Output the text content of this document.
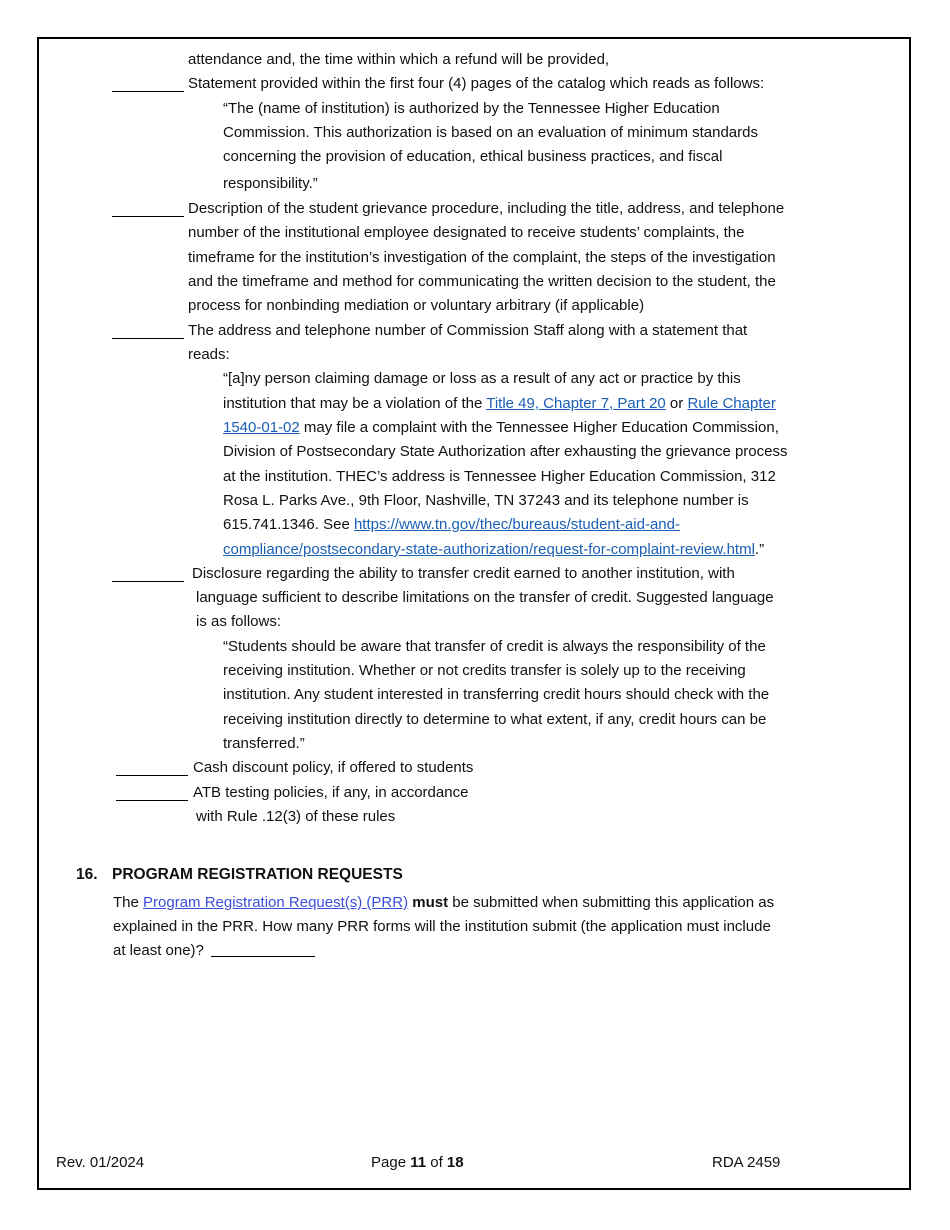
attendance and, the time within which a refund will be provided,
Statement provided within the first four (4) pages of the catalog which reads as follows:
“The (name of institution) is authorized by the Tennessee Higher Education
Commission. This authorization is based on an evaluation of minimum standards
concerning the provision of education, ethical business practices, and fiscal
responsibility.”
Description of the student grievance procedure, including the title, address, and telephone
number of the institutional employee designated to receive students’ complaints, the
timeframe for the institution’s investigation of the complaint, the steps of the investigation
and the timeframe and method for communicating the written decision to the student, the
process for nonbinding mediation or voluntary arbitrary (if applicable)
The address and telephone number of Commission Staff along with a statement that
reads:
“[a]ny person claiming damage or loss as a result of any act or practice by this
institution that may be a violation of the Title 49, Chapter 7, Part 20 or Rule Chapter
1540-01-02 may file a complaint with the Tennessee Higher Education Commission,
Division of Postsecondary State Authorization after exhausting the grievance process
at the institution. THEC’s address is Tennessee Higher Education Commission, 312
Rosa L. Parks Ave., 9th Floor, Nashville, TN 37243 and its telephone number is
615.741.1346. See https://www.tn.gov/thec/bureaus/student-aid-and-
compliance/postsecondary-state-authorization/request-for-complaint-review.html.”
Disclosure regarding the ability to transfer credit earned to another institution, with
language sufficient to describe limitations on the transfer of credit. Suggested language
is as follows:
“Students should be aware that transfer of credit is always the responsibility of the
receiving institution. Whether or not credits transfer is solely up to the receiving
institution. Any student interested in transferring credit hours should check with the
receiving institution directly to determine to what extent, if any, credit hours can be
transferred.”
Cash discount policy, if offered to students
ATB testing policies, if any, in accordance
with Rule .12(3) of these rules
16. PROGRAM REGISTRATION REQUESTS
The Program Registration Request(s) (PRR) must be submitted when submitting this application as
explained in the PRR. How many PRR forms will the institution submit (the application must include
at least one)?
Rev. 01/2024	Page 11 of 18	RDA 2459
